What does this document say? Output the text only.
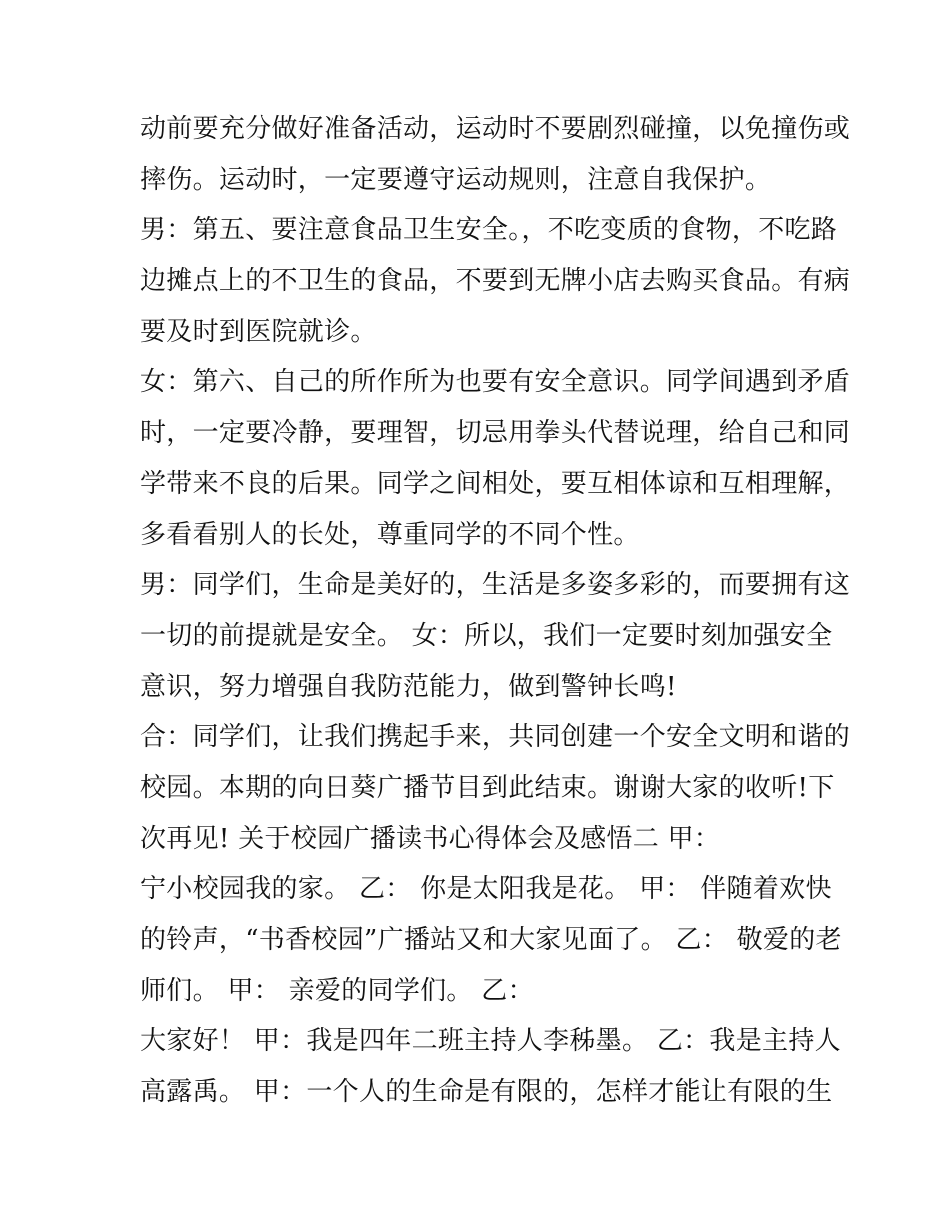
动前要充分做好准备活动，运动时不要剧烈碰撞，以免撞伤或
摔伤。运动时，一定要遵守运动规则，注意自我保护。
男：第五、要注意食品卫生安全。，不吃变质的食物，不吃路
边摊点上的不卫生的食品，不要到无牌小店去购买食品。有病
要及时到医院就诊。
女：第六、自己的所作所为也要有安全意识。同学间遇到矛盾
时，一定要冷静，要理智，切忌用拳头代替说理，给自己和同
学带来不良的后果。同学之间相处，要互相体谅和互相理解，
多看看别人的长处，尊重同学的不同个性。
男：同学们，生命是美好的，生活是多姿多彩的，而要拥有这
一切的前提就是安全。 女：所以，我们一定要时刻加强安全
意识，努力增强自我防范能力，做到警钟长鸣!
合：同学们，让我们携起手来，共同创建一个安全文明和谐的
校园。本期的向日葵广播节目到此结束。谢谢大家的收听!下
次再见! 关于校园广播读书心得体会及感悟二 甲：
宁小校园我的家。 乙： 你是太阳我是花。 甲： 伴随着欢快
的铃声，“书香校园”广播站又和大家见面了。 乙： 敬爱的老
师们。 甲： 亲爱的同学们。 乙：
大家好！ 甲：我是四年二班主持人李秭墨。 乙：我是主持人
高露禹。 甲：一个人的生命是有限的，怎样才能让有限的生
